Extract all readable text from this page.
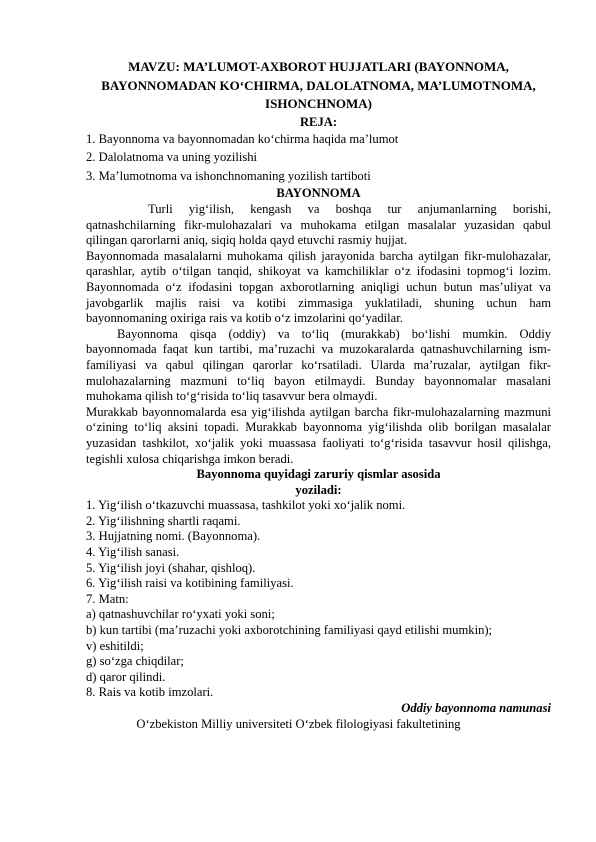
MAVZU: MA’LUMOT-AXBOROT HUJJATLARI (BAYONNOMA, BAYONNOMADAN KO‘CHIRMA, DALOLATNOMA, MA’LUMOTNOMA, ISHONCHNOMA)
REJA:
1. Bayonnoma va bayonnomadan ko‘chirma haqida ma’lumot
2. Dalolatnoma va uning yozilishi
3. Ma’lumotnoma va ishonchnomaning yozilish tartiboti
BAYONNOMA
Turli yig‘ilish, kengash va boshqa tur anjumanlarning borishi, qatnashchilarning fikr-mulohazalari va muhokama etilgan masalalar yuzasidan qabul qilingan qarorlarni aniq, siqiq holda qayd etuvchi rasmiy hujjat.
Bayonnomada masalalarni muhokama qilish jarayonida barcha aytilgan fikr-mulohazalar, qarashlar, aytib o‘tilgan tanqid, shikoyat va kamchiliklar o‘z ifodasini topmog‘i lozim. Bayonnomada o‘z ifodasini topgan axborotlarning aniqligi uchun butun mas’uliyat va javobgarlik majlis raisi va kotibi zimmasiga yuklatiladi, shuning uchun ham bayonnomaning oxiriga rais va kotib o‘z imzolarini qo‘yadilar.
Bayonnoma qisqa (oddiy) va to‘liq (murakkab) bo‘lishi mumkin. Oddiy bayonnomada faqat kun tartibi, ma’ruzachi va muzokaralarda qatnashuvchilarning ism-familiyasi va qabul qilingan qarorlar ko‘rsatiladi. Ularda ma’ruzalar, aytilgan fikr-mulohazalarning mazmuni to‘liq bayon etilmaydi. Bunday bayonnomalar masalani muhokama qilish to‘g‘risida to‘liq tasavvur bera olmaydi.
Murakkab bayonnomalarda esa yig‘ilishda aytilgan barcha fikr-mulohazalarning mazmuni o‘zining to‘liq aksini topadi. Murakkab bayonnoma yig‘ilishda olib borilgan masalalar yuzasidan tashkilot, xo‘jalik yoki muassasa faoliyati to‘g‘risida tasavvur hosil qilishga, tegishli xulosa chiqarishga imkon beradi.
Bayonnoma quyidagi zaruriy qismlar asosida
yoziladi:
1. Yig‘ilish o‘tkazuvchi muassasa, tashkilot yoki xo‘jalik nomi.
2. Yig‘ilishning shartli raqami.
3. Hujjatning nomi. (Bayonnoma).
4. Yig‘ilish sanasi.
5. Yig‘ilish joyi (shahar, qishloq).
6. Yig‘ilish raisi va kotibining familiyasi.
7. Matn:
a) qatnashuvchilar ro‘yxati yoki soni;
b) kun tartibi (ma’ruzachi yoki axborotchining familiyasi qayd etilishi mumkin);
v) eshitildi;
g) so‘zga chiqdilar;
d) qaror qilindi.
8. Rais va kotib imzolari.
Oddiy bayonnoma namunasi
O‘zbekiston Milliy universiteti O‘zbek filologiyasi fakultetining
